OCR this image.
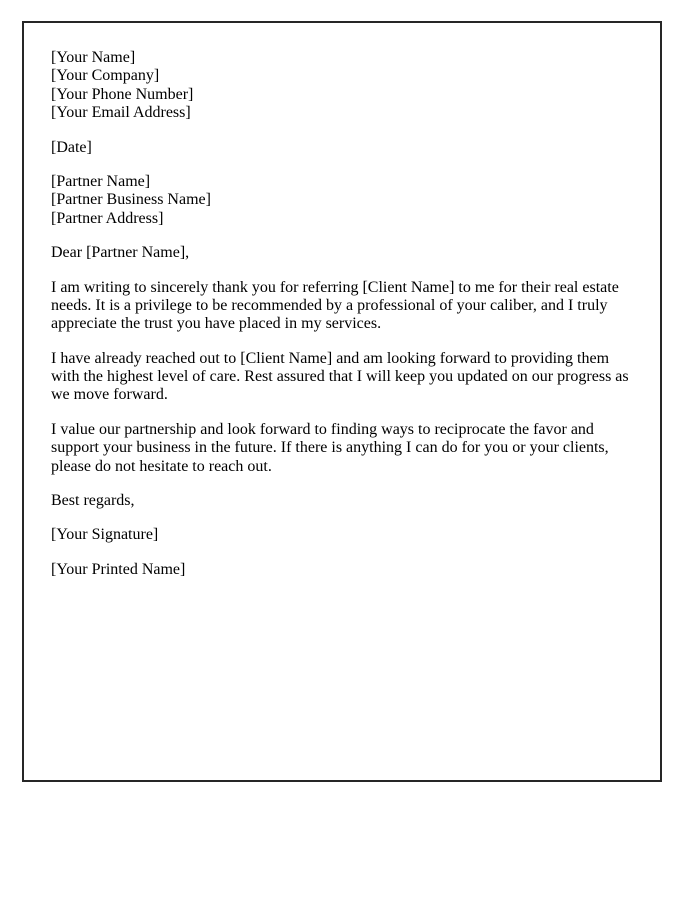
[Your Name]
[Your Company]
[Your Phone Number]
[Your Email Address]
[Date]
[Partner Name]
[Partner Business Name]
[Partner Address]
Dear [Partner Name],
I am writing to sincerely thank you for referring [Client Name] to me for their real estate needs. It is a privilege to be recommended by a professional of your caliber, and I truly appreciate the trust you have placed in my services.
I have already reached out to [Client Name] and am looking forward to providing them with the highest level of care. Rest assured that I will keep you updated on our progress as we move forward.
I value our partnership and look forward to finding ways to reciprocate the favor and support your business in the future. If there is anything I can do for you or your clients, please do not hesitate to reach out.
Best regards,
[Your Signature]
[Your Printed Name]
